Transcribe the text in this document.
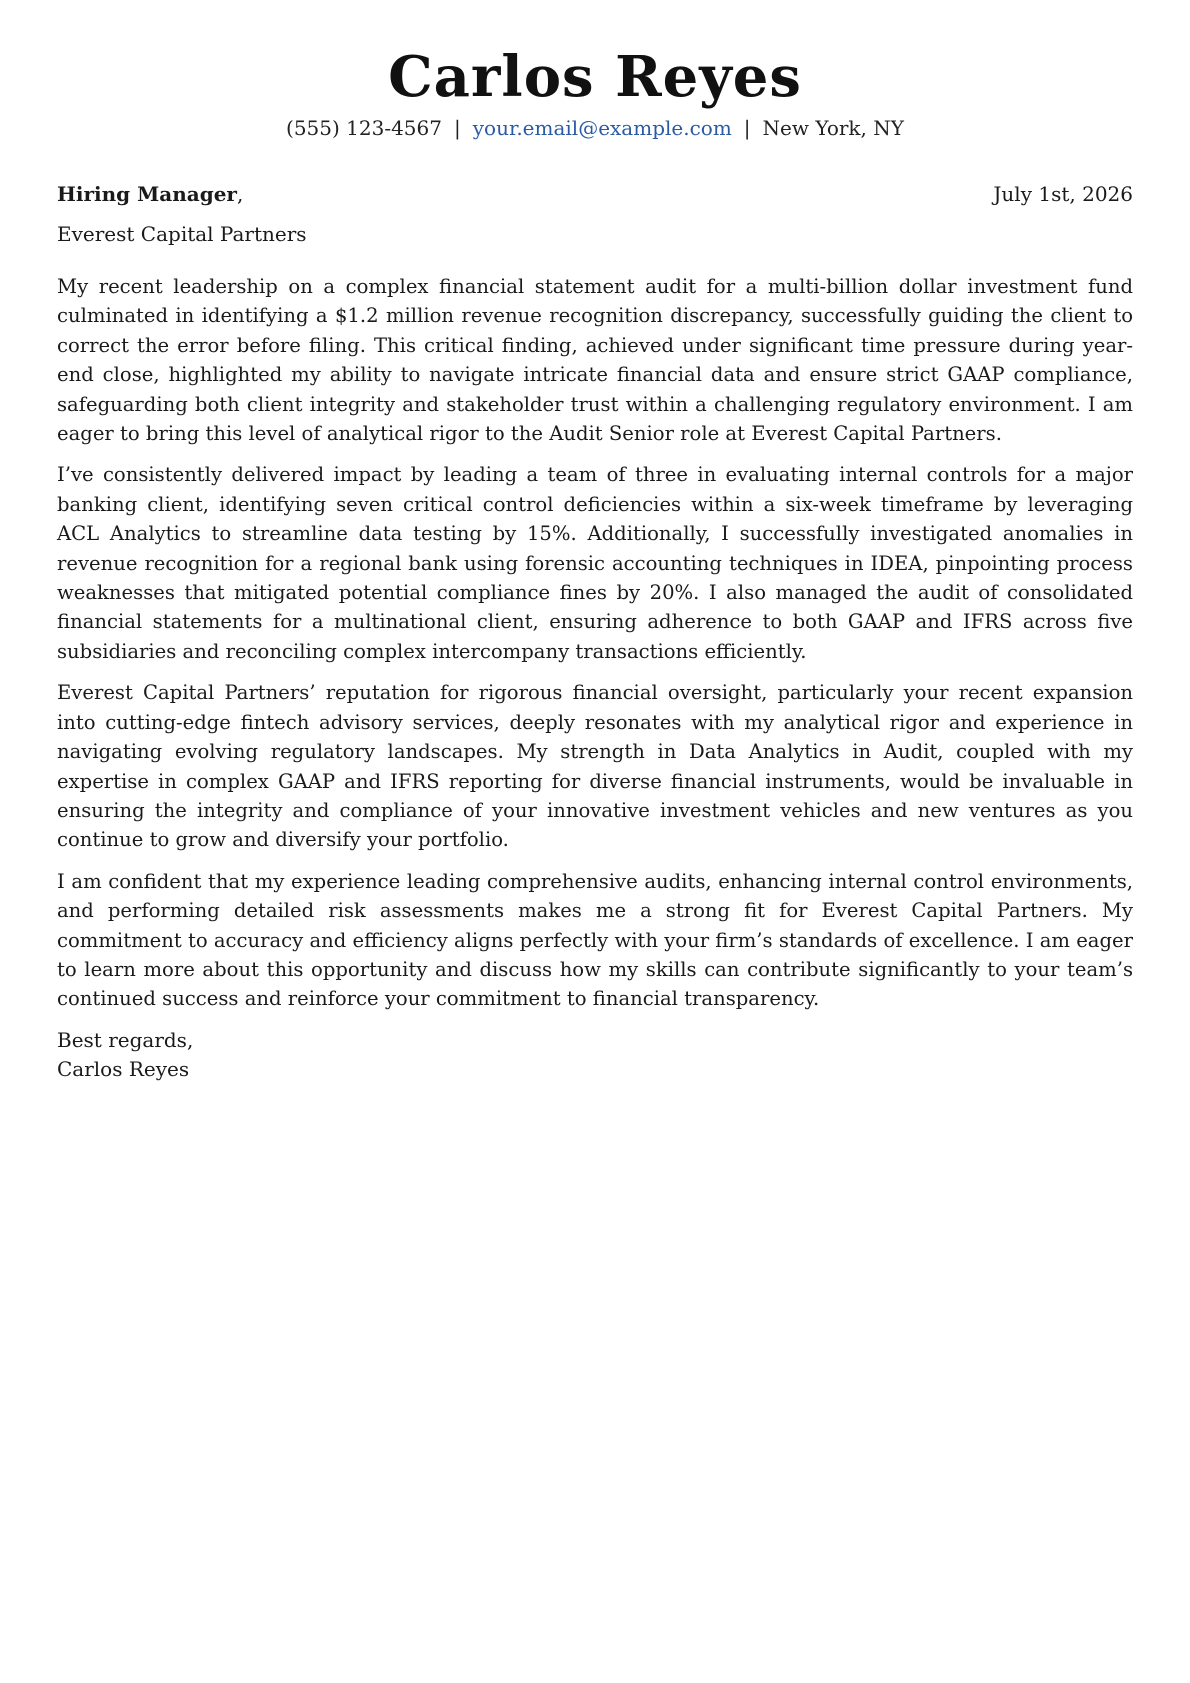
Carlos Reyes
(555) 123-4567 | your.email@example.com | New York, NY
Hiring Manager,	July 1st, 2026
Everest Capital Partners

My recent leadership on a complex financial statement audit for a multi-billion dollar investment fund culminated in identifying a $1.2 million revenue recognition discrepancy, successfully guiding the client to correct the error before filing. This critical finding, achieved under significant time pressure during year-end close, highlighted my ability to navigate intricate financial data and ensure strict GAAP compliance, safeguarding both client integrity and stakeholder trust within a challenging regulatory environment. I am eager to bring this level of analytical rigor to the Audit Senior role at Everest Capital Partners.

I’ve consistently delivered impact by leading a team of three in evaluating internal controls for a major banking client, identifying seven critical control deficiencies within a six-week timeframe by leveraging ACL Analytics to streamline data testing by 15%. Additionally, I successfully investigated anomalies in revenue recognition for a regional bank using forensic accounting techniques in IDEA, pinpointing process weaknesses that mitigated potential compliance fines by 20%. I also managed the audit of consolidated financial statements for a multinational client, ensuring adherence to both GAAP and IFRS across five subsidiaries and reconciling complex intercompany transactions efficiently.

Everest Capital Partners’ reputation for rigorous financial oversight, particularly your recent expansion into cutting-edge fintech advisory services, deeply resonates with my analytical rigor and experience in navigating evolving regulatory landscapes. My strength in Data Analytics in Audit, coupled with my expertise in complex GAAP and IFRS reporting for diverse financial instruments, would be invaluable in ensuring the integrity and compliance of your innovative investment vehicles and new ventures as you continue to grow and diversify your portfolio.

I am confident that my experience leading comprehensive audits, enhancing internal control environments, and performing detailed risk assessments makes me a strong fit for Everest Capital Partners. My commitment to accuracy and efficiency aligns perfectly with your firm’s standards of excellence. I am eager to learn more about this opportunity and discuss how my skills can contribute significantly to your team’s continued success and reinforce your commitment to financial transparency.

Best regards,
Carlos Reyes
